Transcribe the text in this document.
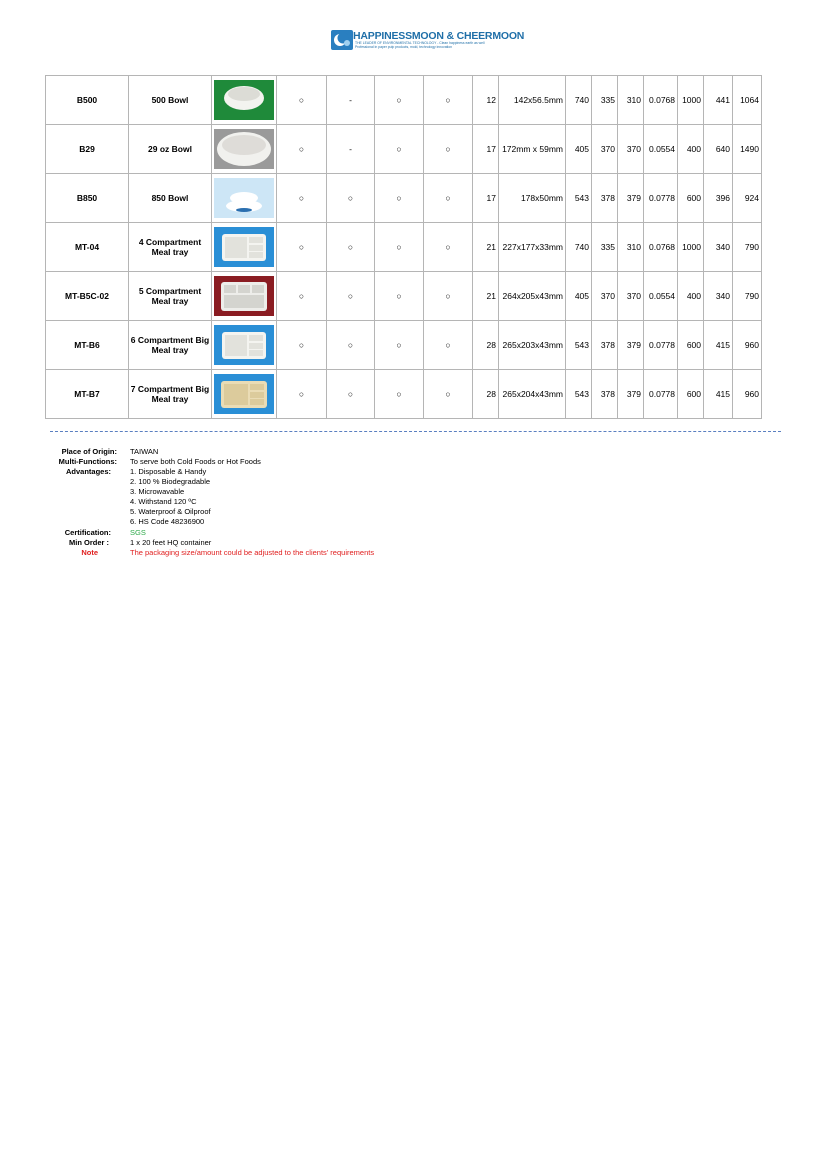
HAPPINESSMOON & CHEERMOON
THE LEADER OF ENVIRONMENTAL TECHNOLOGY - Clean happiness earth as well
Professional in paper pulp products, mold, technology innovation
B500	500 Bowl		○	-	○	○	12	142x56.5mm	740	335	310	0.0768	1000	441	1064
B29	29 oz Bowl		○	-	○	○	17	172mm x 59mm	405	370	370	0.0554	400	640	1490
B850	850 Bowl		○	○	○	○	17	178x50mm	543	378	379	0.0778	600	396	924
MT-04	4 Compartment Meal tray		○	○	○	○	21	227x177x33mm	740	335	310	0.0768	1000	340	790
MT-B5C-02	5 Compartment Meal tray		○	○	○	○	21	264x205x43mm	405	370	370	0.0554	400	340	790
MT-B6	6 Compartment Big Meal tray		○	○	○	○	28	265x203x43mm	543	378	379	0.0778	600	415	960
MT-B7	7 Compartment Big Meal tray		○	○	○	○	28	265x204x43mm	543	378	379	0.0778	600	415	960
Place of Origin: TAIWAN
Multi-Functions: To serve both Cold Foods or Hot Foods
Advantages:	1. Disposable & Handy
2. 100 % Biodegradable
3. Microwavable
4. Withstand 120 ºC
5. Waterproof & Oilproof
6. HS Code 48236900
Certification:	SGS
Min Order :	1 x 20 feet HQ container
Note	The packaging size/amount could be adjusted to the clients' requirements
